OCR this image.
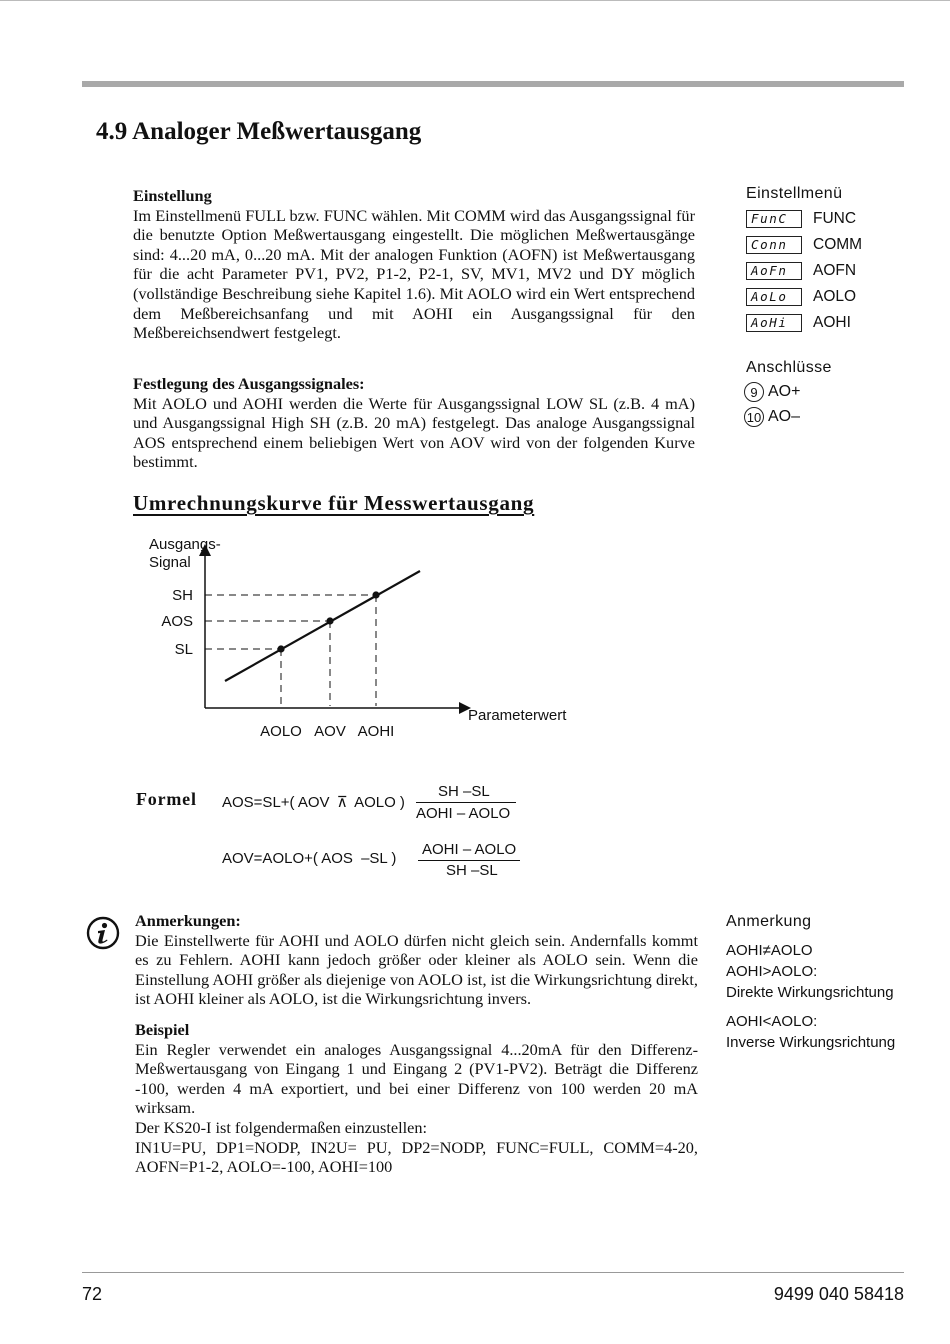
4.9 Analoger Meßwertausgang
Einstellung
Im Einstellmenü FULL bzw. FUNC wählen. Mit COMM wird das Ausgangssignal für die benutzte Option Meßwertausgang eingestellt. Die möglichen Meßwertausgänge sind: 4...20 mA, 0...20 mA. Mit der analogen Funktion (AOFN) ist Meßwertausgang für die acht Parameter PV1, PV2, P1-2, P2-1, SV, MV1, MV2 und DY möglich (vollständige Beschreibung siehe Kapitel 1.6). Mit AOLO wird ein Wert entsprechend dem Meßbereichsanfang und mit AOHI ein Ausgangssignal für den Meßbereichsendwert festgelegt.
Festlegung des Ausgangssignales:
Mit AOLO und AOHI werden die Werte für Ausgangssignal LOW SL (z.B. 4 mA) und Ausgangssignal High SH (z.B. 20 mA) festgelegt. Das analoge Ausgangssignal AOS entsprechend einem beliebigen Wert von AOV wird von der folgenden Kurve bestimmt.
Einstellmenü
FunC	FUNC
Conn	COMM
AoFn	AOFN
AoLo	AOLO
AoHi	AOHI
Anschlüsse
9 AO+
10 AO–
Umrechnungskurve für Messwertausgang
Ausgangs-
Signal
Parameterwert
SH
AOS
SL
AOLO AOV AOHI
Formel AOS=SL+( AOV ⊼ AOLO )
SH –SL
AOHI – AOLO
AOV=AOLO+( AOS –SL )
AOHI – AOLO
SH –SL
Anmerkungen:
Die Einstellwerte für AOHI und AOLO dürfen nicht gleich sein. Andernfalls kommt es zu Fehlern. AOHI kann jedoch größer oder kleiner als AOLO sein. Wenn die Einstellung AOHI größer als diejenige von AOLO ist, ist die Wirkungsrichtung direkt, ist AOHI kleiner als AOLO, ist die Wirkungsrichtung invers.
Beispiel
Ein Regler verwendet ein analoges Ausgangssignal 4...20mA für den Differenz-Meßwertausgang von Eingang 1 und Eingang 2 (PV1-PV2). Beträgt die Differenz -100, werden 4 mA exportiert, und bei einer Differenz von 100 werden 20 mA wirksam.
Der KS20-I ist folgendermaßen einzustellen:
IN1U=PU, DP1=NODP, IN2U= PU, DP2=NODP, FUNC=FULL, COMM=4-20, AOFN=P1-2, AOLO=-100, AOHI=100
Anmerkung
AOHI≠AOLO
AOHI>AOLO:
Direkte Wirkungsrichtung
AOHI<AOLO:
Inverse Wirkungsrichtung
72	9499 040 58418
